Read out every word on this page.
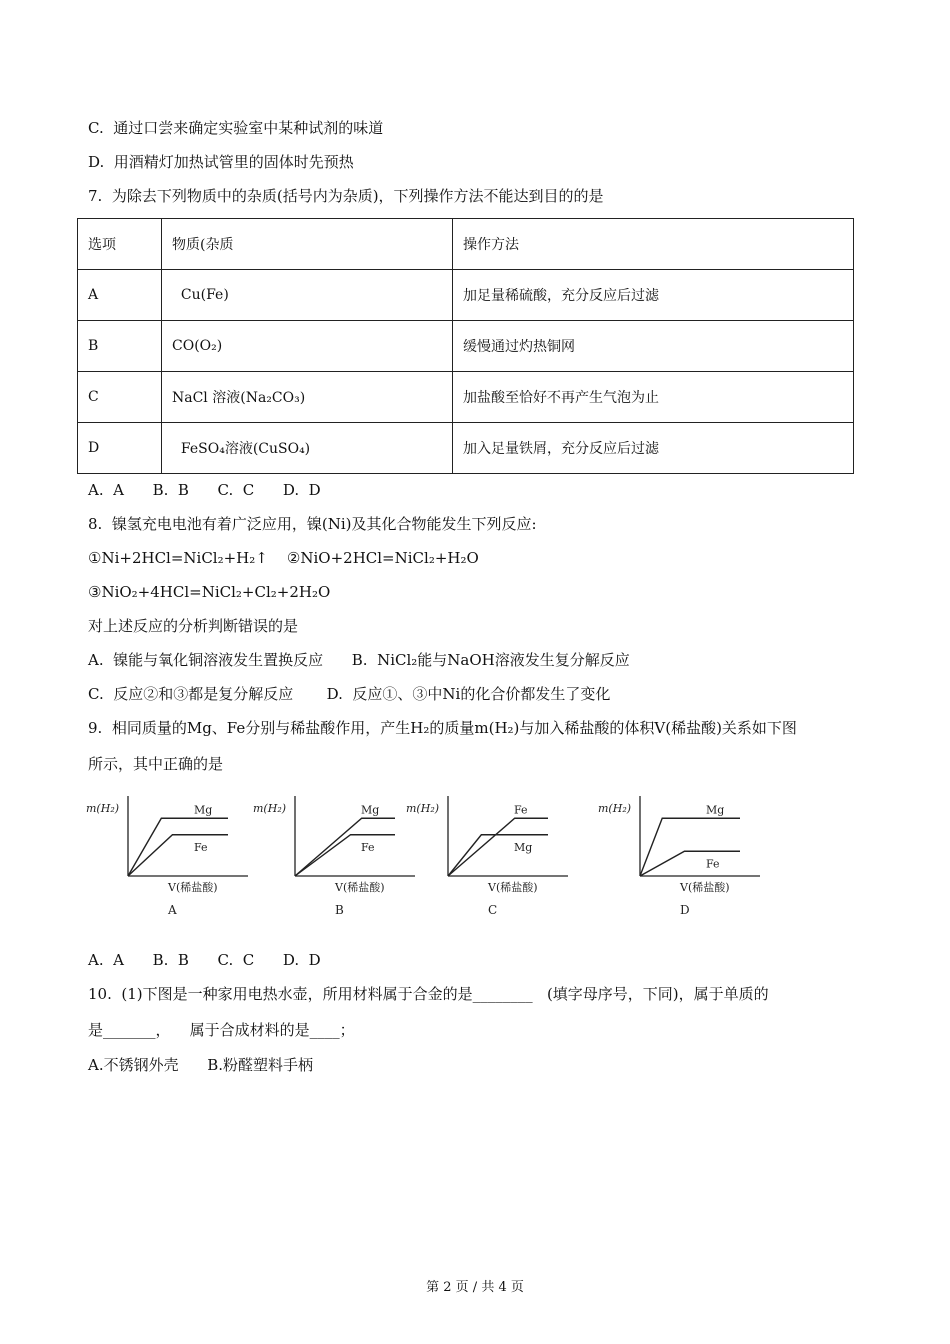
C.  通过口尝来确定实验室中某种试剂的味道
D.  用酒精灯加热试管里的固体时先预热
7.  为除去下列物质中的杂质(括号内为杂质)，下列操作方法不能达到目的的是
选项	物质(杂质	操作方法
A	Cu(Fe)	加足量稀硫酸，充分反应后过滤
B	CO(O₂)	缓慢通过灼热铜网
C	NaCl 溶液(Na₂CO₃)	加盐酸至恰好不再产生气泡为止
D	FeSO₄溶液(CuSO₄)	加入足量铁屑，充分反应后过滤
A.  A      B.  B      C.  C      D.  D
8.  镍氢充电电池有着广泛应用，镍(Ni)及其化合物能发生下列反应:
①Ni+2HCl=NiCl₂+H₂↑    ②NiO+2HCl=NiCl₂+H₂O
③NiO₂+4HCl=NiCl₂+Cl₂+2H₂O
对上述反应的分析判断错误的是
A.  镍能与氧化铜溶液发生置换反应      B.  NiCl₂能与NaOH溶液发生复分解反应
C.  反应②和③都是复分解反应       D.  反应①、③中Ni的化合价都发生了变化
9.  相同质量的Mg、Fe分别与稀盐酸作用，产生H₂的质量m(H₂)与加入稀盐酸的体积V(稀盐酸)关系如下图
所示，其中正确的是
m(H₂)
V(稀盐酸)
A
Mg
Fe
m(H₂)
V(稀盐酸)
B
Mg
Fe
m(H₂)
V(稀盐酸)
C
Fe
Mg
m(H₂)
V(稀盐酸)
D
Mg
Fe
A.  A      B.  B      C.  C      D.  D
10.  (1)下图是一种家用电热水壶，所用材料属于合金的是________   (填字母序号，下同)，属于单质的
是_______，    属于合成材料的是____；
A.不锈钢外壳      B.粉醛塑料手柄
第 2 页 / 共 4 页
